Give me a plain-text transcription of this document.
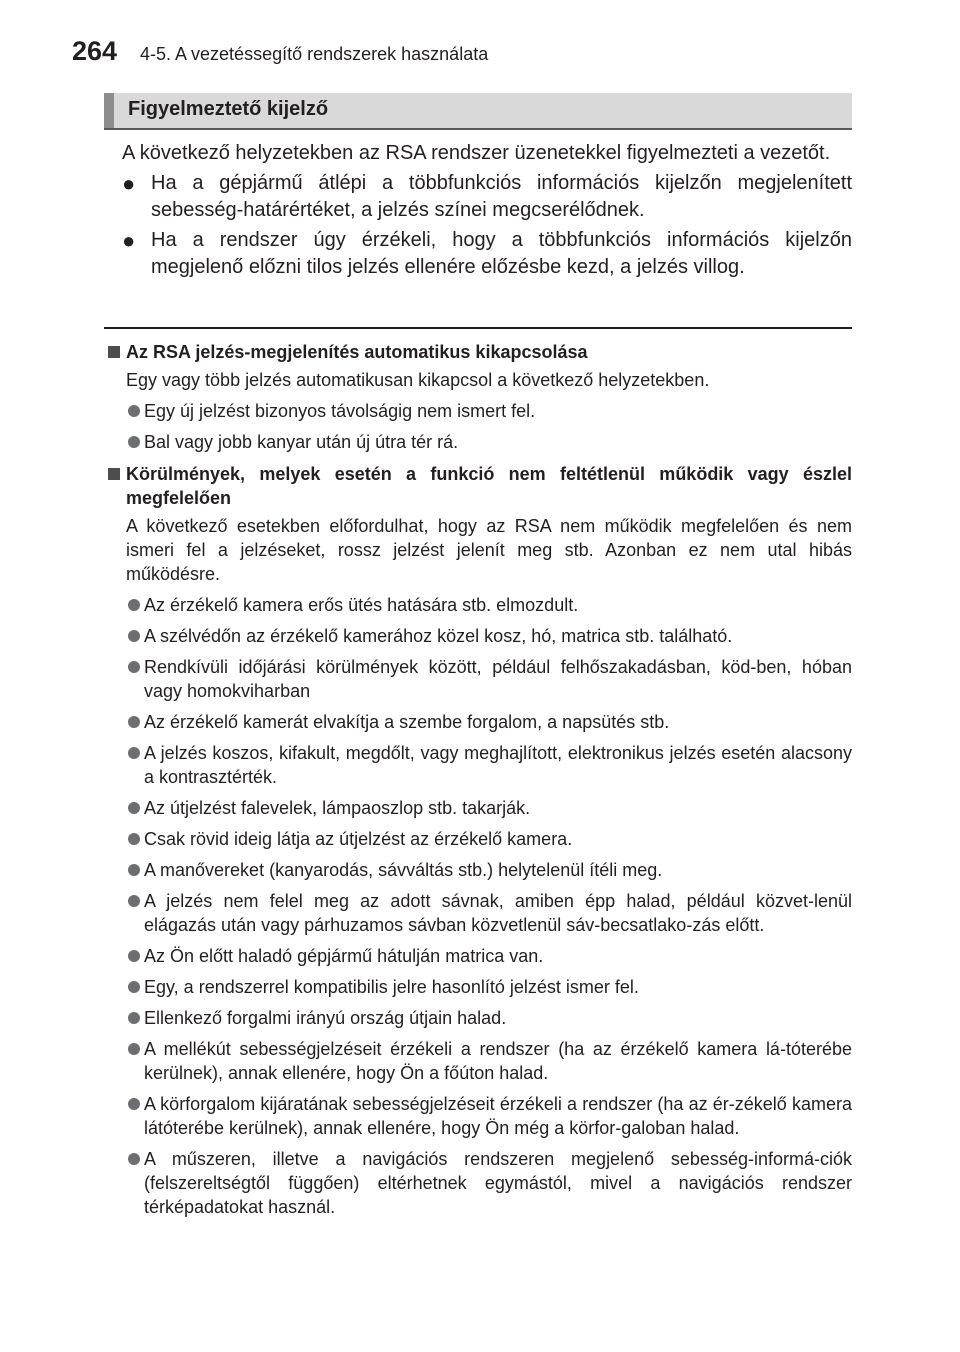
264 4-5. A vezetéssegítő rendszerek használata
Figyelmeztető kijelző

A következő helyzetekben az RSA rendszer üzenetekkel figyelmezteti a vezetőt.

● Ha a gépjármű átlépi a többfunkciós információs kijelzőn megjelenített sebesség-határértéket, a jelzés színei megcserélődnek.
● Ha a rendszer úgy érzékeli, hogy a többfunkciós információs kijelzőn megjelenő előzni tilos jelzés ellenére előzésbe kezd, a jelzés villog.
Az RSA jelzés-megjelenítés automatikus kikapcsolása
Egy vagy több jelzés automatikusan kikapcsol a következő helyzetekben.
Egy új jelzést bizonyos távolságig nem ismert fel.
Bal vagy jobb kanyar után új útra tér rá.
Körülmények, melyek esetén a funkció nem feltétlenül működik vagy észlel megfelelően
A következő esetekben előfordulhat, hogy az RSA nem működik megfelelően és nem ismeri fel a jelzéseket, rossz jelzést jelenít meg stb. Azonban ez nem utal hibás működésre.
Az érzékelő kamera erős ütés hatására stb. elmozdult.
A szélvédőn az érzékelő kamerához közel kosz, hó, matrica stb. található.
Rendkívüli időjárási körülmények között, például felhőszakadásban, köd-ben, hóban vagy homokviharban
Az érzékelő kamerát elvakítja a szembe forgalom, a napsütés stb.
A jelzés koszos, kifakult, megdőlt, vagy meghajlított, elektronikus jelzés esetén alacsony a kontrasztérték.
Az útjelzést falevelek, lámpaoszlop stb. takarják.
Csak rövid ideig látja az útjelzést az érzékelő kamera.
A manővereket (kanyarodás, sávváltás stb.) helytelenül ítéli meg.
A jelzés nem felel meg az adott sávnak, amiben épp halad, például közvet-lenül elágazás után vagy párhuzamos sávban közvetlenül sáv-becsatlako-zás előtt.
Az Ön előtt haladó gépjármű hátulján matrica van.
Egy, a rendszerrel kompatibilis jelre hasonlító jelzést ismer fel.
Ellenkező forgalmi irányú ország útjain halad.
A mellékút sebességjelzéseit érzékeli a rendszer (ha az érzékelő kamera lá-tóterébe kerülnek), annak ellenére, hogy Ön a főúton halad.
A körforgalom kijáratának sebességjelzéseit érzékeli a rendszer (ha az ér-zékelő kamera látóterébe kerülnek), annak ellenére, hogy Ön még a körfor-galoban halad.
A műszeren, illetve a navigációs rendszeren megjelenő sebesség-informá-ciók (felszereltségtől függően) eltérhetnek egymástól, mivel a navigációs rendszer térképadatokat használ.
